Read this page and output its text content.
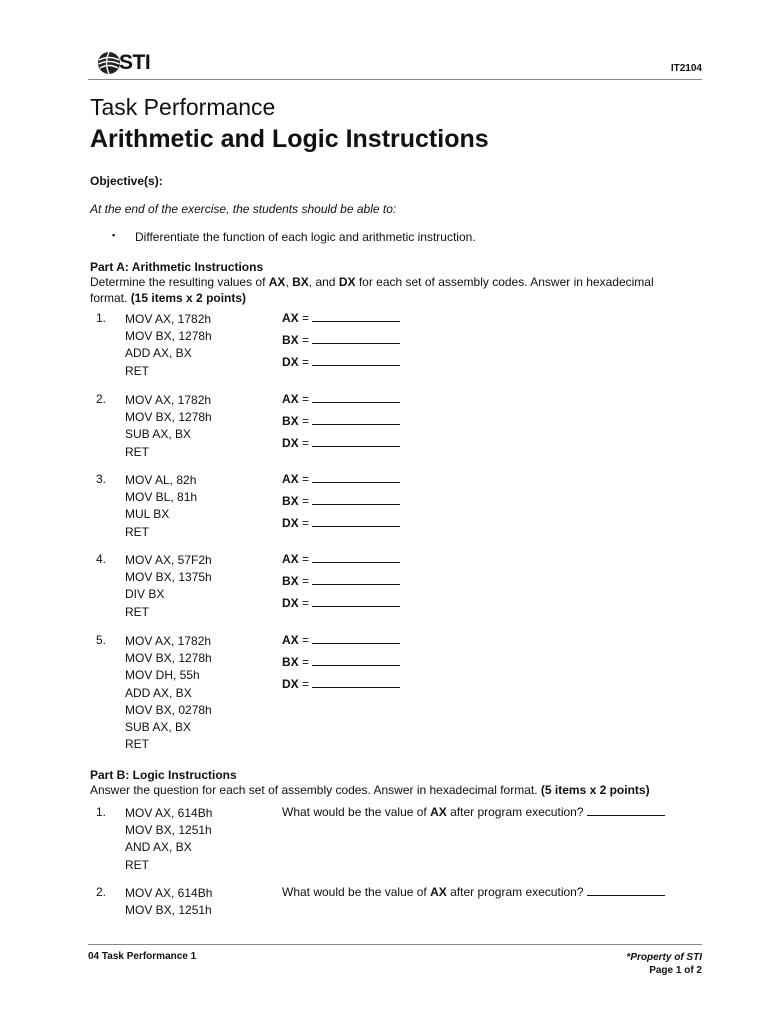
STI	IT2104
Task Performance
Arithmetic and Logic Instructions
Objective(s):
At the end of the exercise, the students should be able to:
▪ Differentiate the function of each logic and arithmetic instruction.
Part A: Arithmetic Instructions
Determine the resulting values of AX, BX, and DX for each set of assembly codes. Answer in hexadecimal format. (15 items x 2 points)
1. MOV AX, 1782h
MOV BX, 1278h
ADD AX, BX
RET
AX =
BX =
DX =
2. MOV AX, 1782h
MOV BX, 1278h
SUB AX, BX
RET
AX =
BX =
DX =
3. MOV AL, 82h
MOV BL, 81h
MUL BX
RET
AX =
BX =
DX =
4. MOV AX, 57F2h
MOV BX, 1375h
DIV BX
RET
AX =
BX =
DX =
5. MOV AX, 1782h
MOV BX, 1278h
MOV DH, 55h
ADD AX, BX
MOV BX, 0278h
SUB AX, BX
RET
AX =
BX =
DX =
Part B: Logic Instructions
Answer the question for each set of assembly codes. Answer in hexadecimal format. (5 items x 2 points)
1. MOV AX, 614Bh
MOV BX, 1251h
AND AX, BX
RET
What would be the value of AX after program execution?
2. MOV AX, 614Bh
MOV BX, 1251h
What would be the value of AX after program execution?
04 Task Performance 1	*Property of STI
Page 1 of 2
